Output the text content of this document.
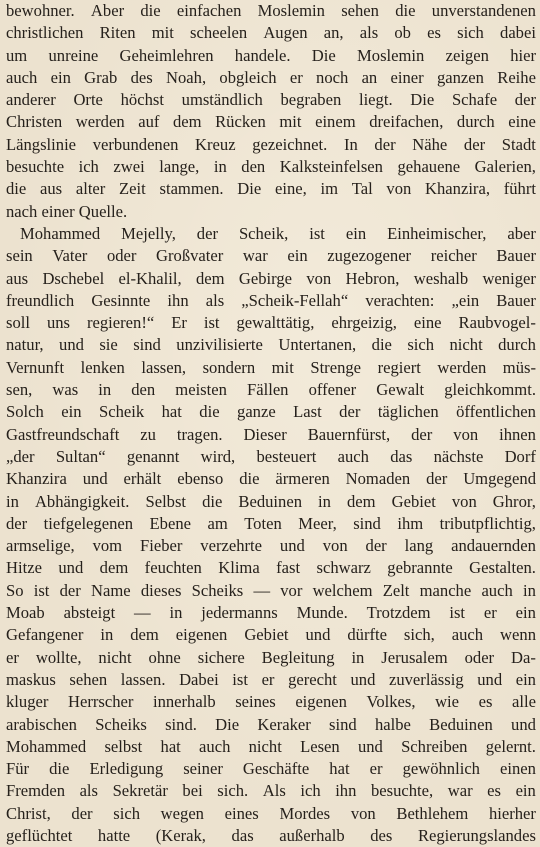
bewohner. Aber die einfachen Moslemin sehen die unverstandenen
christlichen Riten mit scheelen Augen an, als ob es sich dabei
um unreine Geheimlehren handele. Die Moslemin zeigen hier
auch ein Grab des Noah, obgleich er noch an einer ganzen Reihe
anderer Orte höchst umständlich begraben liegt. Die Schafe der
Christen werden auf dem Rücken mit einem dreifachen, durch eine
Längslinie verbundenen Kreuz gezeichnet. In der Nähe der Stadt
besuchte ich zwei lange, in den Kalksteinfelsen gehauene Galerien,
die aus alter Zeit stammen. Die eine, im Tal von Khanzira, führt
nach einer Quelle.
Mohammed Mejelly, der Scheik, ist ein Einheimischer, aber
sein Vater oder Großvater war ein zugezogener reicher Bauer
aus Dschebel el-Khalil, dem Gebirge von Hebron, weshalb weniger
freundlich Gesinnte ihn als „Scheik-Fellah“ verachten: „ein Bauer
soll uns regieren!“ Er ist gewalttätig, ehrgeizig, eine Raubvogel-
natur, und sie sind unzivilisierte Untertanen, die sich nicht durch
Vernunft lenken lassen, sondern mit Strenge regiert werden müs-
sen, was in den meisten Fällen offener Gewalt gleichkommt.
Solch ein Scheik hat die ganze Last der täglichen öffentlichen
Gastfreundschaft zu tragen. Dieser Bauernfürst, der von ihnen
„der Sultan“ genannt wird, besteuert auch das nächste Dorf
Khanzira und erhält ebenso die ärmeren Nomaden der Umgegend
in Abhängigkeit. Selbst die Beduinen in dem Gebiet von Ghror,
der tiefgelegenen Ebene am Toten Meer, sind ihm tributpflichtig,
armselige, vom Fieber verzehrte und von der lang andauernden
Hitze und dem feuchten Klima fast schwarz gebrannte Gestalten.
So ist der Name dieses Scheiks — vor welchem Zelt manche auch in
Moab absteigt — in jedermanns Munde. Trotzdem ist er ein
Gefangener in dem eigenen Gebiet und dürfte sich, auch wenn
er wollte, nicht ohne sichere Begleitung in Jerusalem oder Da-
maskus sehen lassen. Dabei ist er gerecht und zuverlässig und ein
kluger Herrscher innerhalb seines eigenen Volkes, wie es alle
arabischen Scheiks sind. Die Keraker sind halbe Beduinen und
Mohammed selbst hat auch nicht Lesen und Schreiben gelernt.
Für die Erledigung seiner Geschäfte hat er gewöhnlich einen
Fremden als Sekretär bei sich. Als ich ihn besuchte, war es ein
Christ, der sich wegen eines Mordes von Bethlehem hierher
geflüchtet hatte (Kerak, das außerhalb des Regierungslandes
